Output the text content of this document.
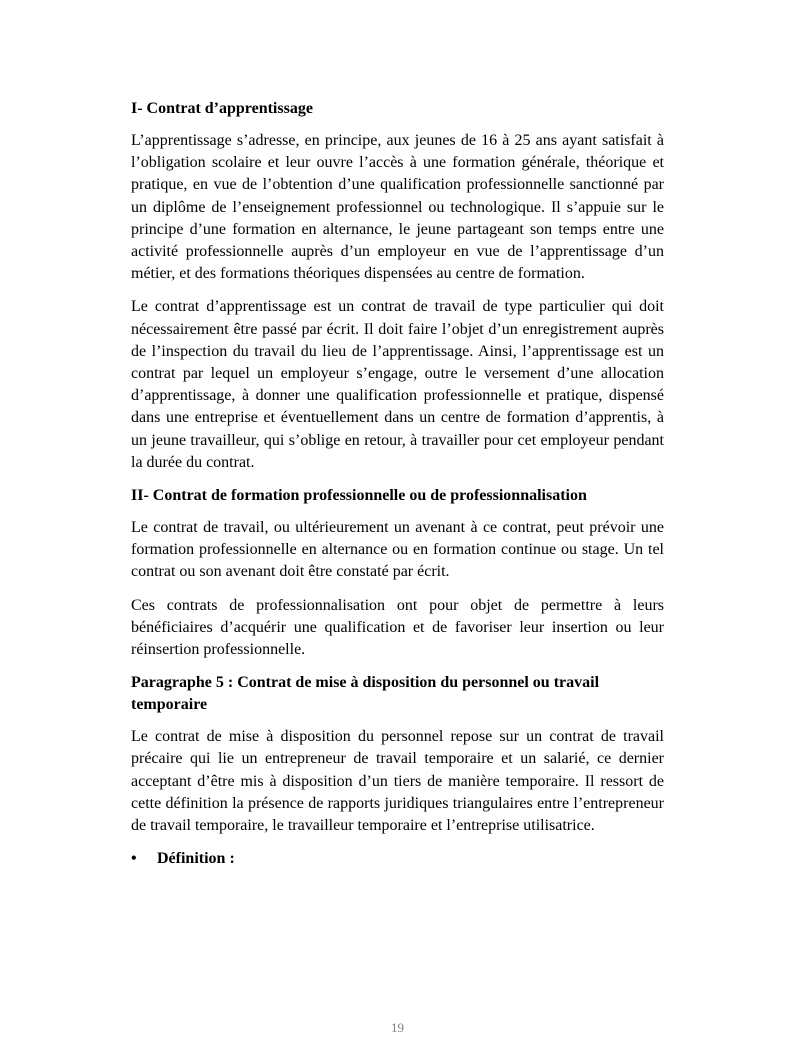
I- Contrat d’apprentissage
L’apprentissage s’adresse, en principe, aux jeunes de 16 à 25 ans ayant satisfait à l’obligation scolaire et leur ouvre l’accès à une formation générale, théorique et pratique, en vue de l’obtention d’une qualification professionnelle sanctionné par un diplôme de l’enseignement professionnel ou technologique. Il s’appuie sur le principe d’une formation en alternance, le jeune partageant son temps entre une activité professionnelle auprès d’un employeur en vue de l’apprentissage d’un métier, et des formations théoriques dispensées au centre de formation.
Le contrat d’apprentissage est un contrat de travail de type particulier qui doit nécessairement être passé par écrit. Il doit faire l’objet d’un enregistrement auprès de l’inspection du travail du lieu de l’apprentissage. Ainsi, l’apprentissage est un contrat par lequel un employeur s’engage, outre le versement d’une allocation d’apprentissage, à donner une qualification professionnelle et pratique, dispensé dans une entreprise et éventuellement dans un centre de formation d’apprentis, à un jeune travailleur, qui s’oblige en retour, à travailler pour cet employeur pendant la durée du contrat.
II- Contrat de formation professionnelle ou de professionnalisation
Le contrat de travail, ou ultérieurement un avenant à ce contrat, peut prévoir une formation professionnelle en alternance ou en formation continue ou stage. Un tel contrat ou son avenant doit être constaté par écrit.
Ces contrats de professionnalisation ont pour objet de permettre à leurs bénéficiaires d’acquérir une qualification et de favoriser leur insertion ou leur réinsertion professionnelle.
Paragraphe 5 : Contrat de mise à disposition du personnel ou travail temporaire
Le contrat de mise à disposition du personnel repose sur un contrat de travail précaire qui lie un entrepreneur de travail temporaire et un salarié, ce dernier acceptant d’être mis à disposition d’un tiers de manière temporaire. Il ressort de cette définition la présence de rapports juridiques triangulaires entre l’entrepreneur de travail temporaire, le travailleur temporaire et l’entreprise utilisatrice.
•	Définition :
19
